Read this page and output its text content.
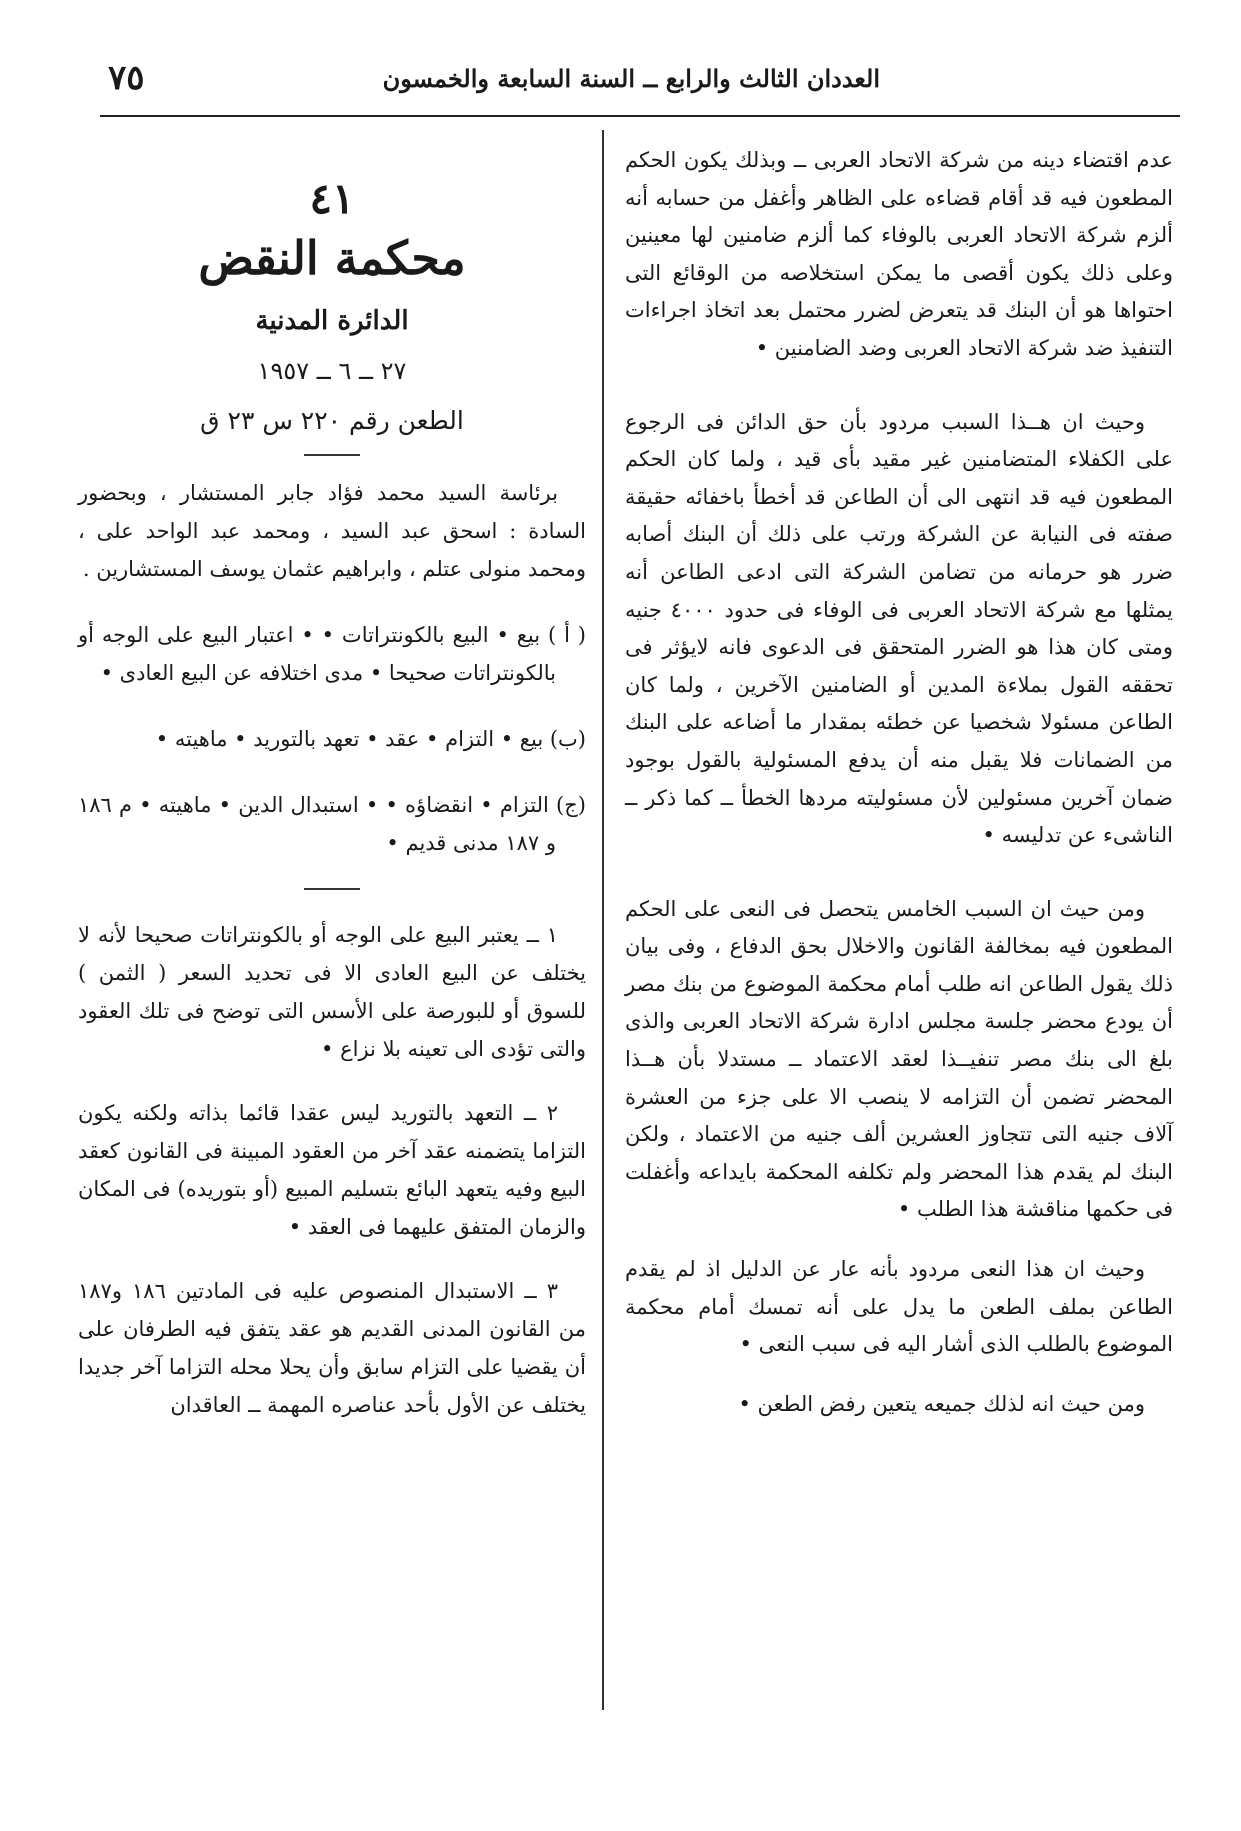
العددان الثالث والرابع ــ السنة السابعة والخمسون
٧٥

عدم اقتضاء دينه من شركة الاتحاد العربى ــ وبذلك يكون الحكم المطعون فيه قد أقام قضاءه على الظاهر وأغفل من حسابه أنه ألزم شركة الاتحاد العربى بالوفاء كما ألزم ضامنين لها معينين وعلى ذلك يكون أقصى ما يمكن استخلاصه من الوقائع التى احتواها هو أن البنك قد يتعرض لضرر محتمل بعد اتخاذ اجراءات التنفيذ ضد شركة الاتحاد العربى وضد الضامنين •

وحيث ان هــذا السبب مردود بأن حق الدائن فى الرجوع على الكفلاء المتضامنين غير مقيد بأى قيد ، ولما كان الحكم المطعون فيه قد انتهى الى أن الطاعن قد أخطأ باخفائه حقيقة صفته فى النيابة عن الشركة ورتب على ذلك أن البنك أصابه ضرر هو حرمانه من تضامن الشركة التى ادعى الطاعن أنه يمثلها مع شركة الاتحاد العربى فى الوفاء فى حدود ٤٠٠٠ جنيه ومتى كان هذا هو الضرر المتحقق فى الدعوى فانه لايؤثر فى تحققه القول بملاءة المدين أو الضامنين الآخرين ، ولما كان الطاعن مسئولا شخصيا عن خطئه بمقدار ما أضاعه على البنك من الضمانات فلا يقبل منه أن يدفع المسئولية بالقول بوجود ضمان آخرين مسئولين لأن مسئوليته مردها الخطأ ــ كما ذكر ــ الناشىء عن تدليسه •

ومن حيث ان السبب الخامس يتحصل فى النعى على الحكم المطعون فيه بمخالفة القانون والاخلال بحق الدفاع ، وفى بيان ذلك يقول الطاعن انه طلب أمام محكمة الموضوع من بنك مصر أن يودع محضر جلسة مجلس ادارة شركة الاتحاد العربى والذى بلغ الى بنك مصر تنفيــذا لعقد الاعتماد ــ مستدلا بأن هــذا المحضر تضمن أن التزامه لا ينصب الا على جزء من العشرة آلاف جنيه التى تتجاوز العشرين ألف جنيه من الاعتماد ، ولكن البنك لم يقدم هذا المحضر ولم تكلفه المحكمة بايداعه وأغفلت فى حكمها مناقشة هذا الطلب •

وحيث ان هذا النعى مردود بأنه عار عن الدليل اذ لم يقدم الطاعن بملف الطعن ما يدل على أنه تمسك أمام محكمة الموضوع بالطلب الذى أشار اليه فى سبب النعى •

ومن حيث انه لذلك جميعه يتعين رفض الطعن •

٤١
محكمة النقض
الدائرة المدنية
٢٧ ــ ٦ ــ ١٩٥٧
الطعن رقم ٢٢٠ س ٢٣ ق

برئاسة السيد محمد فؤاد جابر المستشار ، وبحضور السادة : اسحق عبد السيد ، ومحمد عبد الواحد على ، ومحمد منولى عتلم ، وابراهيم عثمان يوسف المستشارين .

( أ ) بيع • البيع بالكونتراتات • • اعتبار البيع على الوجه أو بالكونتراتات صحيحا • مدى اختلافه عن البيع العادى •

(ب) بيع • التزام • عقد • تعهد بالتوريد • ماهيته •

(ج) التزام • انقضاؤه • • استبدال الدين • ماهيته • م ١٨٦ و ١٨٧ مدنى قديم •

١ ــ يعتبر البيع على الوجه أو بالكونتراتات صحيحا لأنه لا يختلف عن البيع العادى الا فى تحديد السعر ( الثمن ) للسوق أو للبورصة على الأسس التى توضح فى تلك العقود والتى تؤدى الى تعينه بلا نزاع •

٢ ــ التعهد بالتوريد ليس عقدا قائما بذاته ولكنه يكون التزاما يتضمنه عقد آخر من العقود المبينة فى القانون كعقد البيع وفيه يتعهد البائع بتسليم المبيع (أو بتوريده) فى المكان والزمان المتفق عليهما فى العقد •

٣ ــ الاستبدال المنصوص عليه فى المادتين ١٨٦ و١٨٧ من القانون المدنى القديم هو عقد يتفق فيه الطرفان على أن يقضيا على التزام سابق وأن يحلا محله التزاما آخر جديدا يختلف عن الأول بأحد عناصره المهمة ــ العاقدان
